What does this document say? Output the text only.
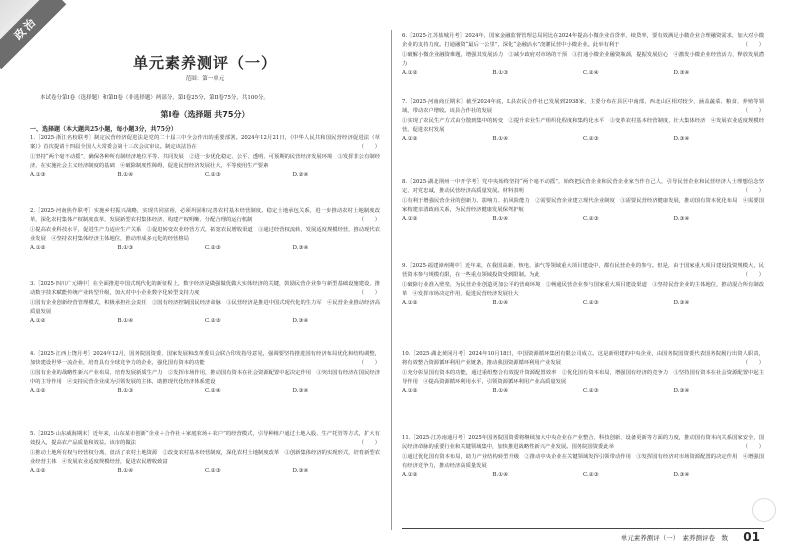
政治
单元素养测评（一）
范围：第一单元
本试卷分第Ⅰ卷（选择题）和第Ⅱ卷（非选择题）两部分，第Ⅰ卷25分，第Ⅱ卷75分，共100分。
第Ⅰ卷（选择题 共75分）
一、选择题（本大题共25小题，每小题3分，共75分）

1.［2025·浙江名校联考］制定民营经济促进法是党的二十届三中全会作出的重要部署。2024年12月21日，《中华人民共和国民营经济促进法（草案）》首次提请十四届全国人大常委会第十三次会议审议。制定该法旨在	（　　）

①坚持“两个毫不动摇”，确保各种所有制经济地位平等、共同发展　②进一步优化稳定、公平、透明、可预期的民营经济发展环境　③发挥非公有制经济，在实施社会主义经济制度的基础　④破除制度性障碍，促进民营经济发展壮大，平等使用生产要素

A.①③	B.①④	C.②③	D.②④

2.［2025·河南焦作联考］实施乡村振兴战略，实现共同富裕，必须巩固和完善农村基本经营制度。稳定土地承包关系，进一步推动农村土地制度改革，深化农村集体产权制度改革，发展新型农村集体经济，构建产权明晰、分配合理的运行机制	（　　）

①提高农业科技水平，促进生产力适应生产关系　②促进转变农业经营方式，拓宽农民增收渠道　③通过经营权流转，发展适度规模经营，推动现代农业发展　④坚持农村集体经济主体地位，推动形成多元化的经营格局

A.①②	B.①③	C.②③	D.③④

3.［2025·四川广元期中］在全面推进中国式现代化的新征程上，数字经济是做强做优做大实体经济的关键，鼓励民营企业参与新型基础设施建设，推动数字技术赋能传统产业转型升级，加大对中小企业数字化转型支持力度	（　　）

①国有企业创新经营管理模式，积极承担社会责任　②国有经济控制国民经济命脉　③民营经济是推进中国式现代化的生力军　④民营企业推动经济高质量发展

A.①②	B.①④	C.②③	D.③④

4.［2025·江西上饶月考］2024年12月，国务院国资委、国家发展和改革委员会联合印发指导意见，强调要坚持推进国有经济布局优化和结构调整，加快建设世界一流企业，培育具有全球竞争力的企业，强化国有资本的功能	（　　）

①国有企业的战略性新兴产业布局，培育发展新质生产力　②发挥市场作用，推动国有资本在社会资源配置中起决定作用　③突出国有经济在国民经济中的主导作用　④支持民营企业成为引领发展的主体，助推现代化经济体系建设

A.①②	B.①③	C.②④	D.③④

5.［2025·山东威海期末］近年来，山东某市创新“企业＋合作社＋家庭农场＋农户”的经营模式，引导种植户通过土地入股、生产托管等方式，扩大有效投入，提高农产品质量和效益。该市的做法	（　　）

①推动土地所有权与经营权分离，盘活了农村土地资源　②改变农村基本经营制度，深化农村土地制度改革　③创新集体经济的实现形式，培育新型农业经营主体　④发展农业适度规模经营，促进农民增收致富

A.①②	B.①④	C.②③	D.③④

6.［2025·江苏盐城月考］2024年，国家金融监督管理总局同比在2024年提高小微企业首贷率、续贷率，要有效满足小微企业合理融资需求，加大对小微企业的支持力度。打通融资“最后一公里”，深化“金融活水”浇灌民营中小微企业。此举有利于	（　　）

①破解小微企业融资难题，增强其发展活力　②减少政府对市场的干预　③打通小微企业融资瓶颈，提振发展信心　④激发小微企业经营活力，释放发展潜力

A.①②	B.①③	C.②④	D.③④

7.［2025·河南商丘期末］截至2024年底，L县农民合作社已发展到2938家，主要分布在县区中南部，西北山区相对较少，涵盖蔬菜、粮食、养殖等领域，带动农户增收。该县合作社的发展	（　　）

①实现了农民生产方式由分散到集中的转变　②提升农业生产组织化程度和集约化水平　③变革农村基本经营制度，壮大集体经济　④发展农业适度规模经营，促进农村发展

A.①②	B.①④	C.②③	D.③④

8.［2025·湖北荆州一中开学考］党中央始终坚持“两个毫不动摇”，始终把民营企业和民营企业家当作自己人，引导民营企业和民营经济人士理想信念坚定、对党忠诚，推动民营经济高质量发展。材料表明	（　　）

①有利于增强民营企业的创新力、影响力、抗风险能力　②需要民营企业建立现代企业制度　③需要民营经济健康发展，推动国有资本优化布局　④需要国家构建亲清政商关系，为民营经济健康发展保驾护航

A.①②	B.①④	C.②③	D.③④

9.［2025·福建漳州期中］近年来，在我国高新、核电、油气等领域重大项目建设中，都有民营企业的参与。但是，由于国家重大项目建设投资规模大，民营资本参与规模有限，在一些重点领域投资受到限制。为此	（　　）

①破除行业准入壁垒，为民营企业创造更加公平的营商环境　②畅通民营企业参与国家重大项目建设渠道　③坚持民营企业的主体地位，推动混合所有制改革　④发挥市场决定作用，促进民营经济发展壮大

A.①②	B.①④	C.②③	D.③④

10.［2025·湖北黄冈月考］2024年10月18日，中国资源循环集团有限公司成立。这是新组建的中央企业，由国务院国资委代表国务院履行出资人职责，将有效整合资源循环利用产业链条，推动我国资源循环利用产业发展	（　　）

①充分彰显国有资本的功能，通过重组整合有效提升资源配置效率　②优化国有资本布局，增强国有经济的竞争力　③坚持国有资本在社会资源配置中起主导作用　④提高资源循环利用水平，引领资源循环利用产业高质量发展

A.①②	B.①④	C.②③	D.③④

11.［2025·江苏南通月考］2025年国务院国资委将继续加大中央企业在产业整合、科技创新、设备更新等方面的力度，推动国有资本向关系国家安全、国民经济命脉的重要行业和关键领域集中，加快推进战略性新兴产业发展。国务院国资委此举	（　　）

①通过优化国有资本布局，助力产业结构转型升级　②推动中央企业在关键领域发挥引领带动作用　③发挥国有经济对市场资源配置的决定作用　④增强国有经济竞争力，推动经济高质量发展

A.①②	B.①④	C.②③	D.③④
单元素养测评（一）　素养测评卷　数 01
